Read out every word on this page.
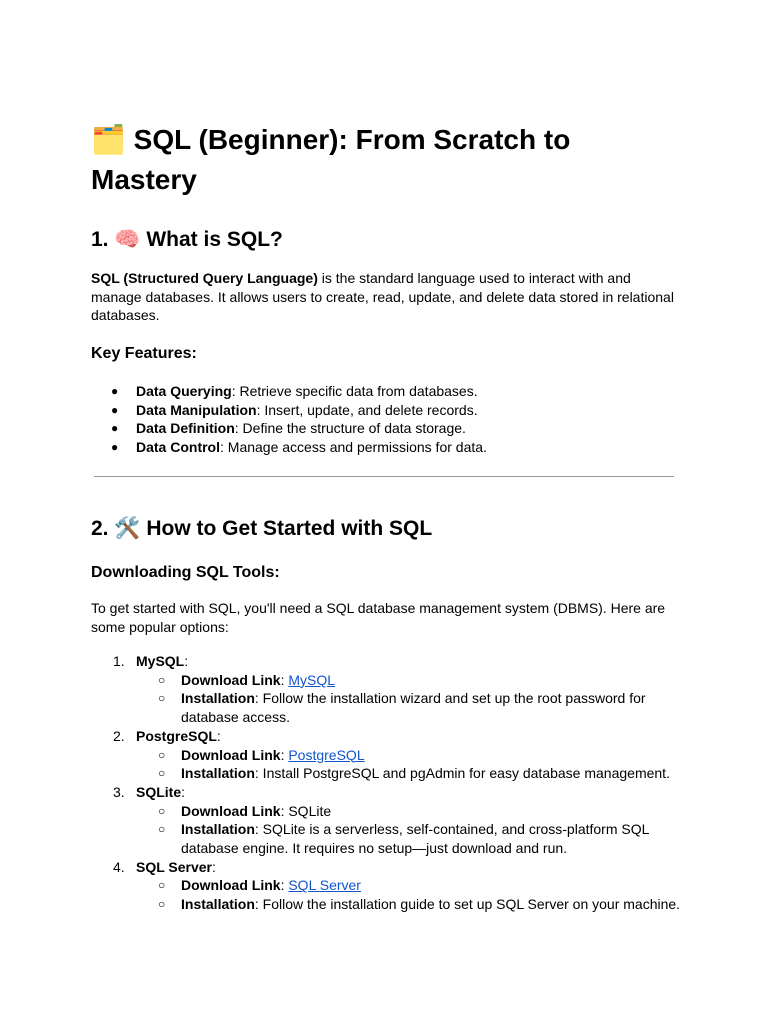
🗂️ SQL (Beginner): From Scratch to Mastery
1. 🧠 What is SQL?

SQL (Structured Query Language) is the standard language used to interact with and manage databases. It allows users to create, read, update, and delete data stored in relational databases.

Key Features:
● Data Querying: Retrieve specific data from databases.
● Data Manipulation: Insert, update, and delete records.
● Data Definition: Define the structure of data storage.
● Data Control: Manage access and permissions for data.
2. 🛠️ How to Get Started with SQL
Downloading SQL Tools:

To get started with SQL, you'll need a SQL database management system (DBMS). Here are some popular options:

1. MySQL:
○ Download Link: MySQL
○ Installation: Follow the installation wizard and set up the root password for database access.
2. PostgreSQL:
○ Download Link: PostgreSQL
○ Installation: Install PostgreSQL and pgAdmin for easy database management.
3. SQLite:
○ Download Link: SQLite
○ Installation: SQLite is a serverless, self-contained, and cross-platform SQL database engine. It requires no setup—just download and run.
4. SQL Server:
○ Download Link: SQL Server
○ Installation: Follow the installation guide to set up SQL Server on your machine.
